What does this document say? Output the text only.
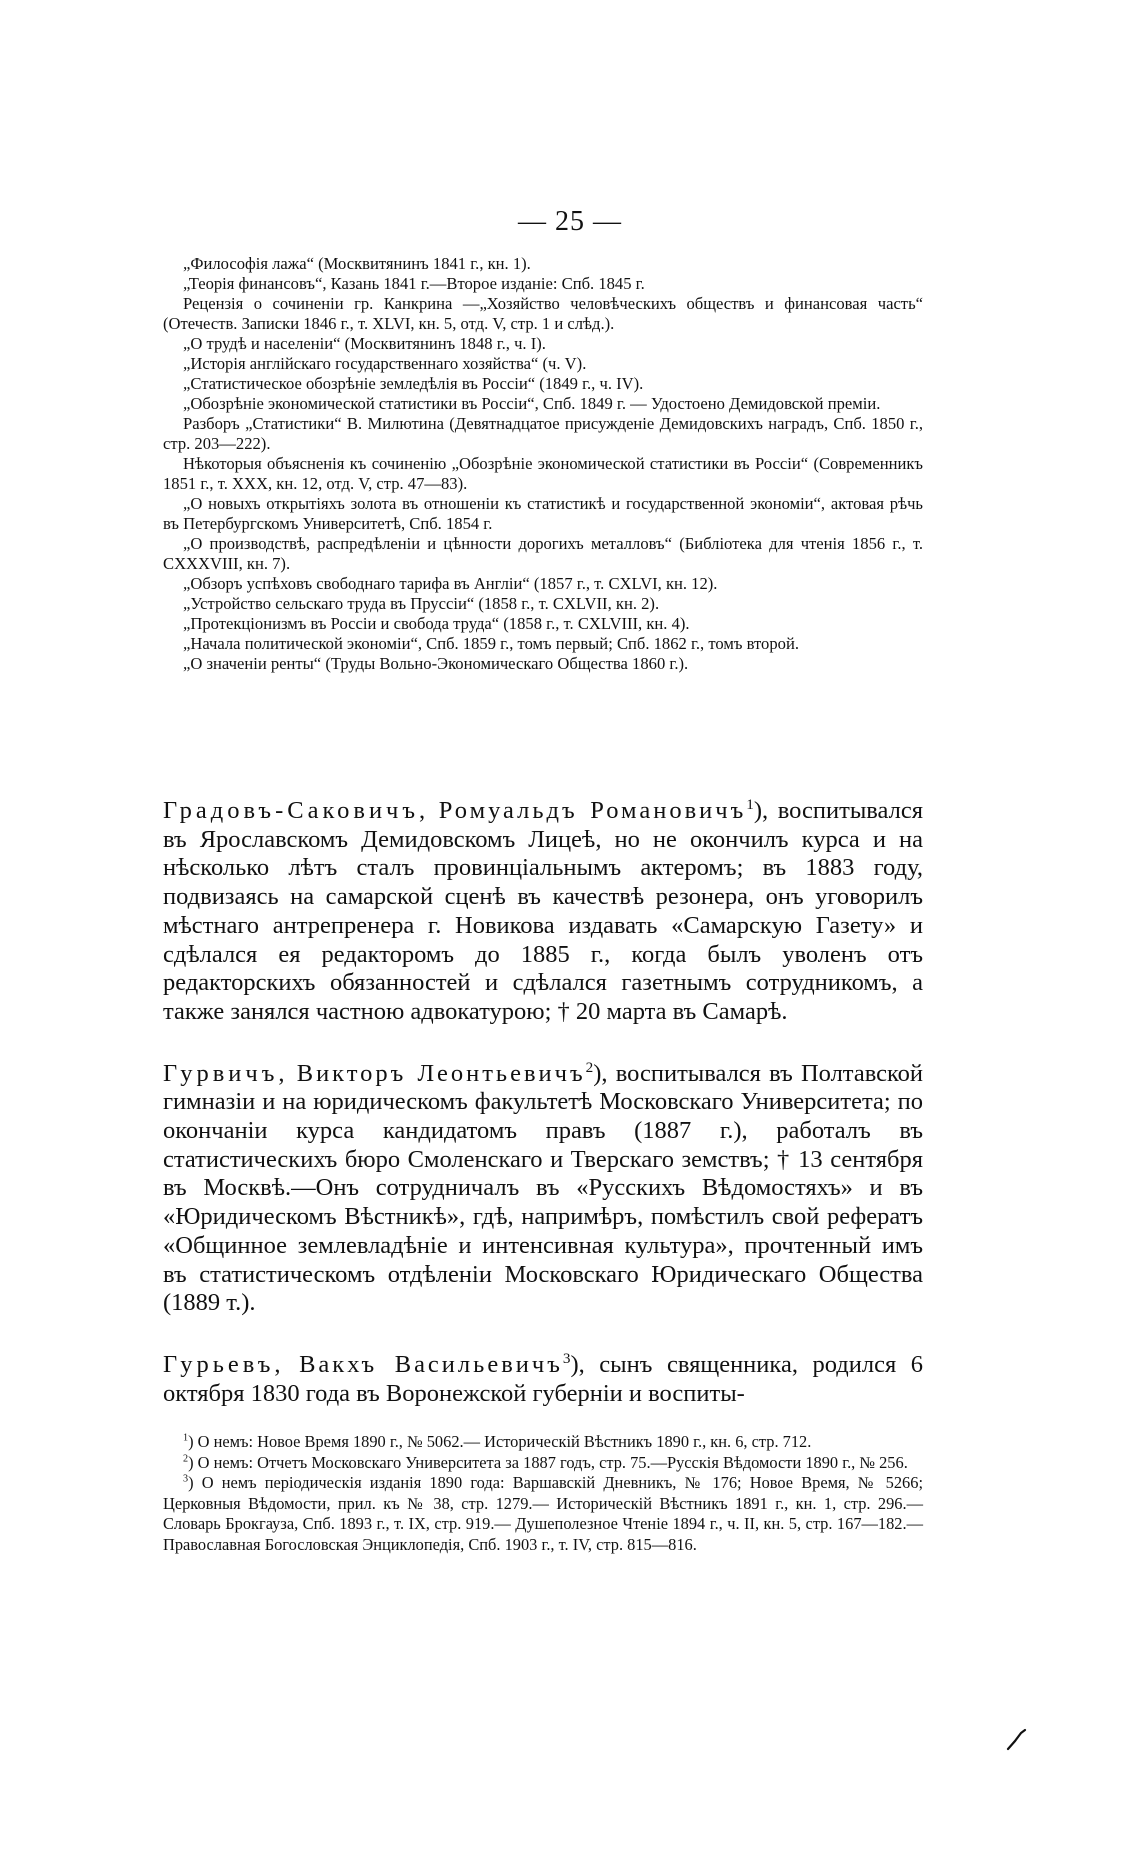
— 25 —

„Философія лажа“ (Москвитянинъ 1841 г., кн. 1).

„Теорія финансовъ“, Казань 1841 г.—Второе изданіе: Спб. 1845 г.

Рецензія о сочиненіи гр. Канкрина —„Хозяйство человѣческихъ обществъ и финансовая часть“ (Отечеств. Записки 1846 г., т. XLVI, кн. 5, отд. V, стр. 1 и слѣд.).

„О трудѣ и населеніи“ (Москвитянинъ 1848 г., ч. I).

„Исторія англійскаго государственнаго хозяйства“ (ч. V).

„Статистическое обозрѣніе земледѣлія въ Россіи“ (1849 г., ч. IV).

„Обозрѣніе экономической статистики въ Россіи“, Спб. 1849 г. — Удостоено Демидовской преміи.

Разборъ „Статистики“ В. Милютина (Девятнадцатое присужденіе Демидовскихъ наградъ, Спб. 1850 г., стр. 203—222).

Нѣкоторыя объясненія къ сочиненію „Обозрѣніе экономической статистики въ Россіи“ (Современникъ 1851 г., т. XXX, кн. 12, отд. V, стр. 47—83).

„О новыхъ открытіяхъ золота въ отношеніи къ статистикѣ и государственной экономіи“, актовая рѣчь въ Петербургскомъ Университетѣ, Спб. 1854 г.

„О производствѣ, распредѣленіи и цѣнности дорогихъ металловъ“ (Библіотека для чтенія 1856 г., т. CXXXVIII, кн. 7).

„Обзоръ успѣховъ свободнаго тарифа въ Англіи“ (1857 г., т. CXLVI, кн. 12).

„Устройство сельскаго труда въ Пруссіи“ (1858 г., т. CXLVII, кн. 2).

„Протекціонизмъ въ Россіи и свобода труда“ (1858 г., т. CXLVIII, кн. 4).

„Начала политической экономіи“, Спб. 1859 г., томъ первый; Спб. 1862 г., томъ второй.

„О значеніи ренты“ (Труды Вольно-Экономическаго Общества 1860 г.).

Градовъ-Саковичъ, Ромуальдъ Романовичъ$^1$), воспитывался въ Ярославскомъ Демидовскомъ Лицеѣ, но не окончилъ курса и на нѣсколько лѣтъ сталъ провинціальнымъ актеромъ; въ 1883 году, подвизаясь на самарской сценѣ въ качествѣ резонера, онъ уговорилъ мѣстнаго антрепренера г. Новикова издавать «Самарскую Газету» и сдѣлался ея редакторомъ до 1885 г., когда былъ уволенъ отъ редакторскихъ обязанностей и сдѣлался газетнымъ сотрудникомъ, а также занялся частною адвокатурою; † 20 марта въ Самарѣ.

Гурвичъ, Викторъ Леонтьевичъ$^2$), воспитывался въ Полтавской гимназіи и на юридическомъ факультетѣ Московскаго Университета; по окончаніи курса кандидатомъ правъ (1887 г.), работалъ въ статистическихъ бюро Смоленскаго и Тверскаго земствъ; † 13 сентября въ Москвѣ.—Онъ сотрудничалъ въ «Русскихъ Вѣдомостяхъ» и въ «Юридическомъ Вѣстникѣ», гдѣ, напримѣръ, помѣстилъ свой рефератъ «Общинное землевладѣніе и интенсивная культура», прочтенный имъ въ статистическомъ отдѣленіи Московскаго Юридическаго Общества (1889 т.).

Гурьевъ, Вакхъ Васильевичъ$^3$), сынъ священника, родился 6 октября 1830 года въ Воронежской губерніи и воспиты-

$^1$) О немъ: Новое Время 1890 г., № 5062.— Историческій Вѣстникъ 1890 г., кн. 6, стр. 712.

$^2$) О немъ: Отчетъ Московскаго Университета за 1887 годъ, стр. 75.—Русскія Вѣдомости 1890 г., № 256.

$^3$) О немъ періодическія изданія 1890 года: Варшавскій Дневникъ, № 176; Новое Время, № 5266; Церковныя Вѣдомости, прил. къ № 38, стр. 1279.— Историческій Вѣстникъ 1891 г., кн. 1, стр. 296.—Словарь Брокгауза, Спб. 1893 г., т. IX, стр. 919.— Душеполезное Чтеніе 1894 г., ч. II, кн. 5, стр. 167—182.—Православная Богословская Энциклопедія, Спб. 1903 г., т. IV, стр. 815—816.
